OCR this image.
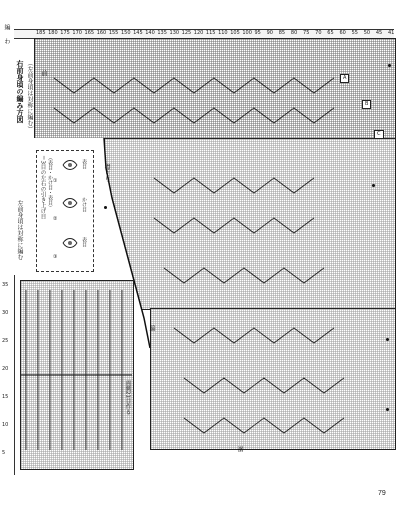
185 180 175 170 165 160 155 150 145 140 135 130 125 120 115 110 105 100 95 90 85 80 75 70 65 60 55 50 45 41
編
わ
右前身頃の編み方図 （左前身頃は対称に編む）
左前身頃は対称に編む
A
B
C
襟ぐり
脇
前
裾
＝3目の左右の引き上げ目 （表目・かけ目・表目）	表目
かけ目
表目
①
②
③
両側21目作る
35
30
25
20
15
10
5
79
